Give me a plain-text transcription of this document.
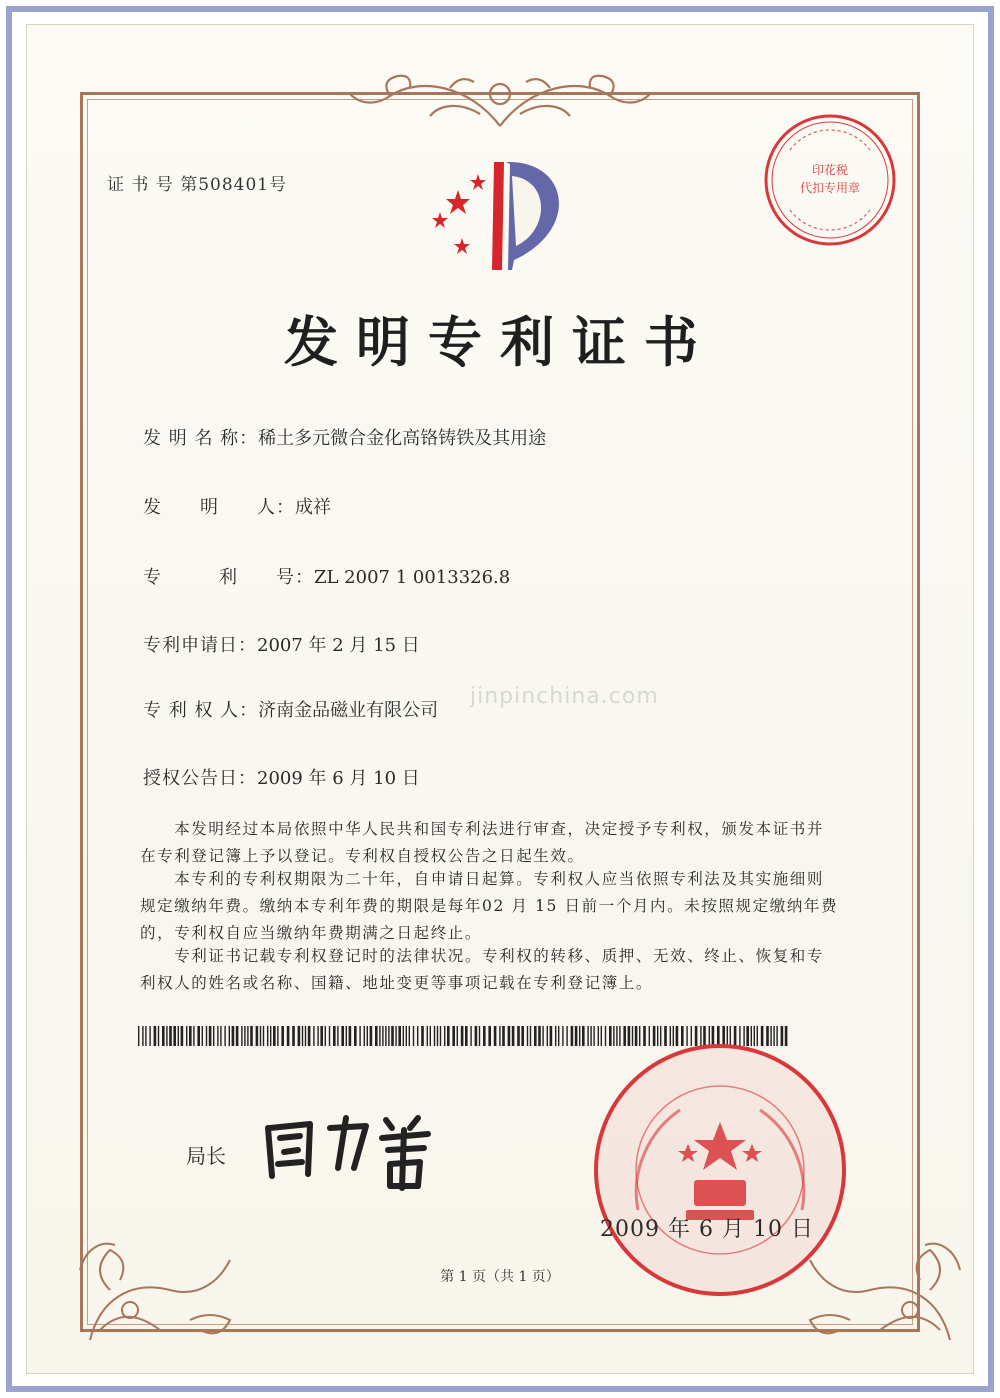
证 书 号 第508401号
印花税
代扣专用章
发明专利证书
发 明 名 称：稀土多元微合金化高铬铸铁及其用途
发　　明　　人：成祥
专　　　利　　号：ZL 2007 1 0013326.8
专利申请日：2007 年 2 月 15 日
专 利 权 人：济南金品磁业有限公司
授权公告日：2009 年 6 月 10 日
jinpinchina.com
　　本发明经过本局依照中华人民共和国专利法进行审查，决定授予专利权，颁发本证书并在专利登记簿上予以登记。专利权自授权公告之日起生效。
　　本专利的专利权期限为二十年，自申请日起算。专利权人应当依照专利法及其实施细则规定缴纳年费。缴纳本专利年费的期限是每年02 月 15 日前一个月内。未按照规定缴纳年费的，专利权自应当缴纳年费期满之日起终止。
　　专利证书记载专利权登记时的法律状况。专利权的转移、质押、无效、终止、恢复和专利权人的姓名或名称、国籍、地址变更等事项记载在专利登记簿上。
局长
2009 年 6 月 10 日
第 1 页（共 1 页）
